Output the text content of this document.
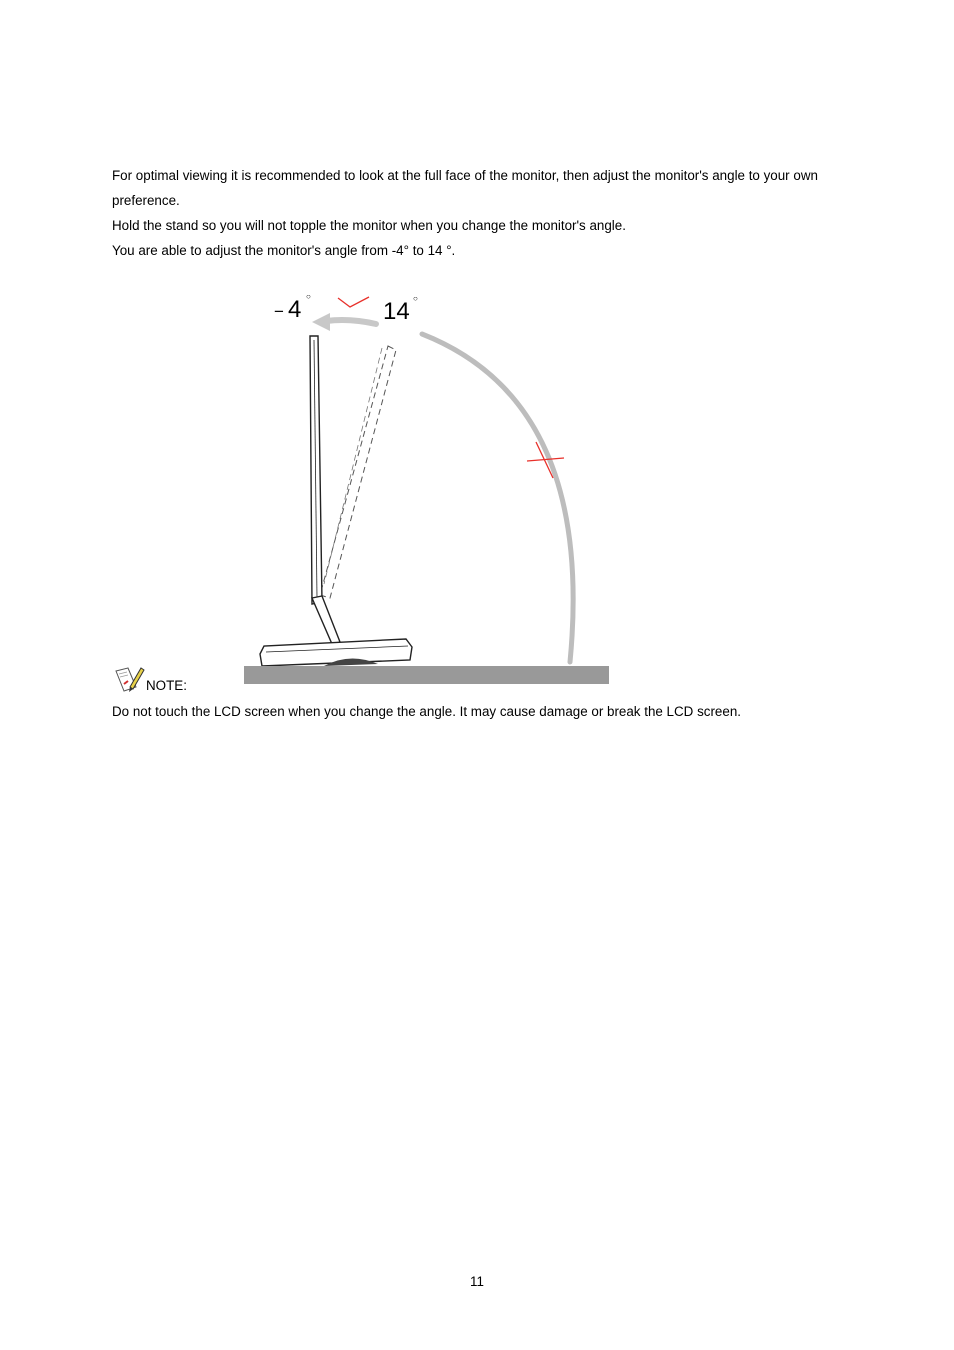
For optimal viewing it is recommended to look at the full face of the monitor, then adjust the monitor's angle to your own preference.

Hold the stand so you will not topple the monitor when you change the monitor's angle.

You are able to adjust the monitor's angle from -4° to 14 °.

− 4 ○
14 ○
NOTE:

Do not touch the LCD screen when you change the angle. It may cause damage or break the LCD screen.

11
